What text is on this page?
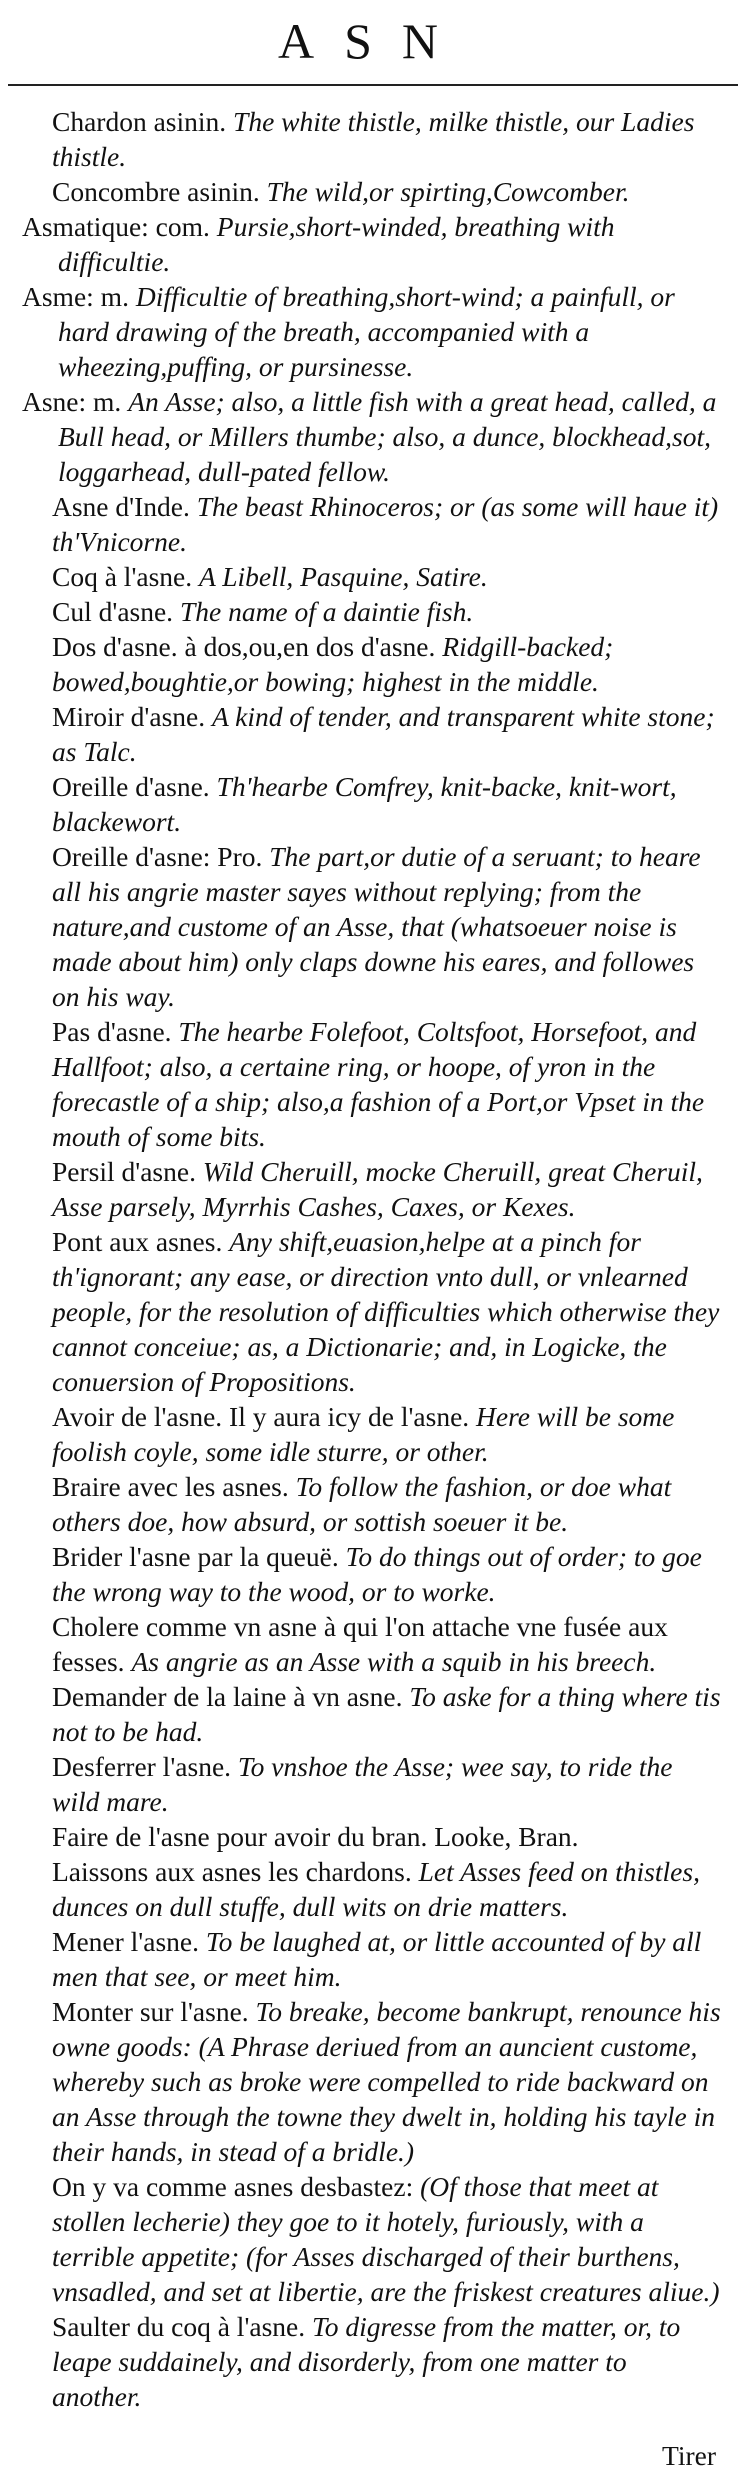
ASN
Chardon asinin. The white thistle, milke thistle, our Ladies thistle.
Concombre asinin. The wild,or spirting,Cowcomber.
Asmatique: com. Pursie,short-winded, breathing with difficultie.
Asme: m. Difficultie of breathing,short-wind; a painfull, or hard drawing of the breath, accompanied with a wheezing,puffing, or pursinesse.
Asne: m. An Asse; also, a little fish with a great head, called, a Bull head, or Millers thumbe; also, a dunce, blockhead,sot, loggarhead, dull-pated fellow.
Asne d'Inde. The beast Rhinoceros; or (as some will haue it) th'Vnicorne.
Coq à l'asne. A Libell, Pasquine, Satire.
Cul d'asne. The name of a daintie fish.
Dos d'asne. à dos,ou,en dos d'asne. Ridgill-backed; bowed,boughtie,or bowing; highest in the middle.
Miroir d'asne. A kind of tender, and transparent white stone; as Talc.
Oreille d'asne. Th'hearbe Comfrey, knit-backe, knit-wort, blackewort.
Oreille d'asne: Pro. The part,or dutie of a seruant; to heare all his angrie master sayes without replying; from the nature,and custome of an Asse, that (whatsoeuer noise is made about him) only claps downe his eares, and followes on his way.
Pas d'asne. The hearbe Folefoot, Coltsfoot, Horsefoot, and Hallfoot; also, a certaine ring, or hoope, of yron in the forecastle of a ship; also,a fashion of a Port,or Vpset in the mouth of some bits.
Persil d'asne. Wild Cheruill, mocke Cheruill, great Cheruil, Asse parsely, Myrrhis Cashes, Caxes, or Kexes.
Pont aux asnes. Any shift,euasion,helpe at a pinch for th'ignorant; any ease, or direction vnto dull, or vnlearned people, for the resolution of difficulties which otherwise they cannot conceiue; as, a Dictionarie; and, in Logicke, the conuersion of Propositions.
Avoir de l'asne. Il y aura icy de l'asne. Here will be some foolish coyle, some idle sturre, or other.
Braire avec les asnes. To follow the fashion, or doe what others doe, how absurd, or sottish soeuer it be.
Brider l'asne par la queuë. To do things out of order; to goe the wrong way to the wood, or to worke.
Cholere comme vn asne à qui l'on attache vne fusée aux fesses. As angrie as an Asse with a squib in his breech.
Demander de la laine à vn asne. To aske for a thing where tis not to be had.
Desferrer l'asne. To vnshoe the Asse; wee say, to ride the wild mare.
Faire de l'asne pour avoir du bran. Looke, Bran.
Laissons aux asnes les chardons. Let Asses feed on thistles, dunces on dull stuffe, dull wits on drie matters.
Mener l'asne. To be laughed at, or little accounted of by all men that see, or meet him.
Monter sur l'asne. To breake, become bankrupt, renounce his owne goods: (A Phrase deriued from an auncient custome, whereby such as broke were compelled to ride backward on an Asse through the towne they dwelt in, holding his tayle in their hands, in stead of a bridle.)
On y va comme asnes desbastez: (Of those that meet at stollen lecherie) they goe to it hotely, furiously, with a terrible appetite; (for Asses discharged of their burthens, vnsadled, and set at libertie, are the friskest creatures aliue.)
Saulter du coq à l'asne. To digresse from the matter, or, to leape suddainely, and disorderly, from one matter to another.
Tirer
